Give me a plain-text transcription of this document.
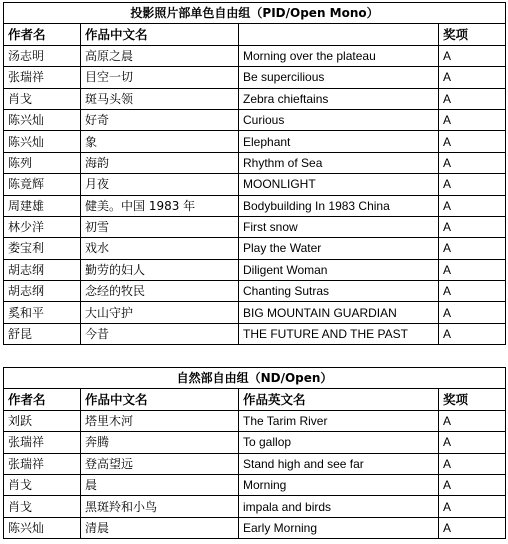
投影照片部单色自由组（PID/Open Mono）			
作者名	作品中文名		奖项
汤志明	高原之晨	Morning over the plateau	A
张瑞祥	目空一切	Be supercilious	A
肖戈	斑马头领	Zebra chieftains	A
陈兴灿	好奇	Curious	A
陈兴灿	象	Elephant	A
陈列	海韵	Rhythm of Sea	A
陈竟辉	月夜	MOONLIGHT	A
周建雄	健美。中国 1983 年	Bodybuilding In 1983 China	A
林少洋	初雪	First snow	A
娄宝利	戏水	Play the Water	A
胡志纲	勤劳的妇人	Diligent Woman	A
胡志纲	念经的牧民	Chanting Sutras	A
奚和平	大山守护	BIG MOUNTAIN GUARDIAN	A
舒昆	今昔	THE FUTURE AND THE PAST	A
自然部自由组（ND/Open）			
作者名	作品中文名	作品英文名	奖项
刘跃	塔里木河	The Tarim River	A
张瑞祥	奔腾	To gallop	A
张瑞祥	登高望远	Stand high and see far	A
肖戈	晨	Morning	A
肖戈	黑斑羚和小鸟	impala and birds	A
陈兴灿	清晨	Early Morning	A
